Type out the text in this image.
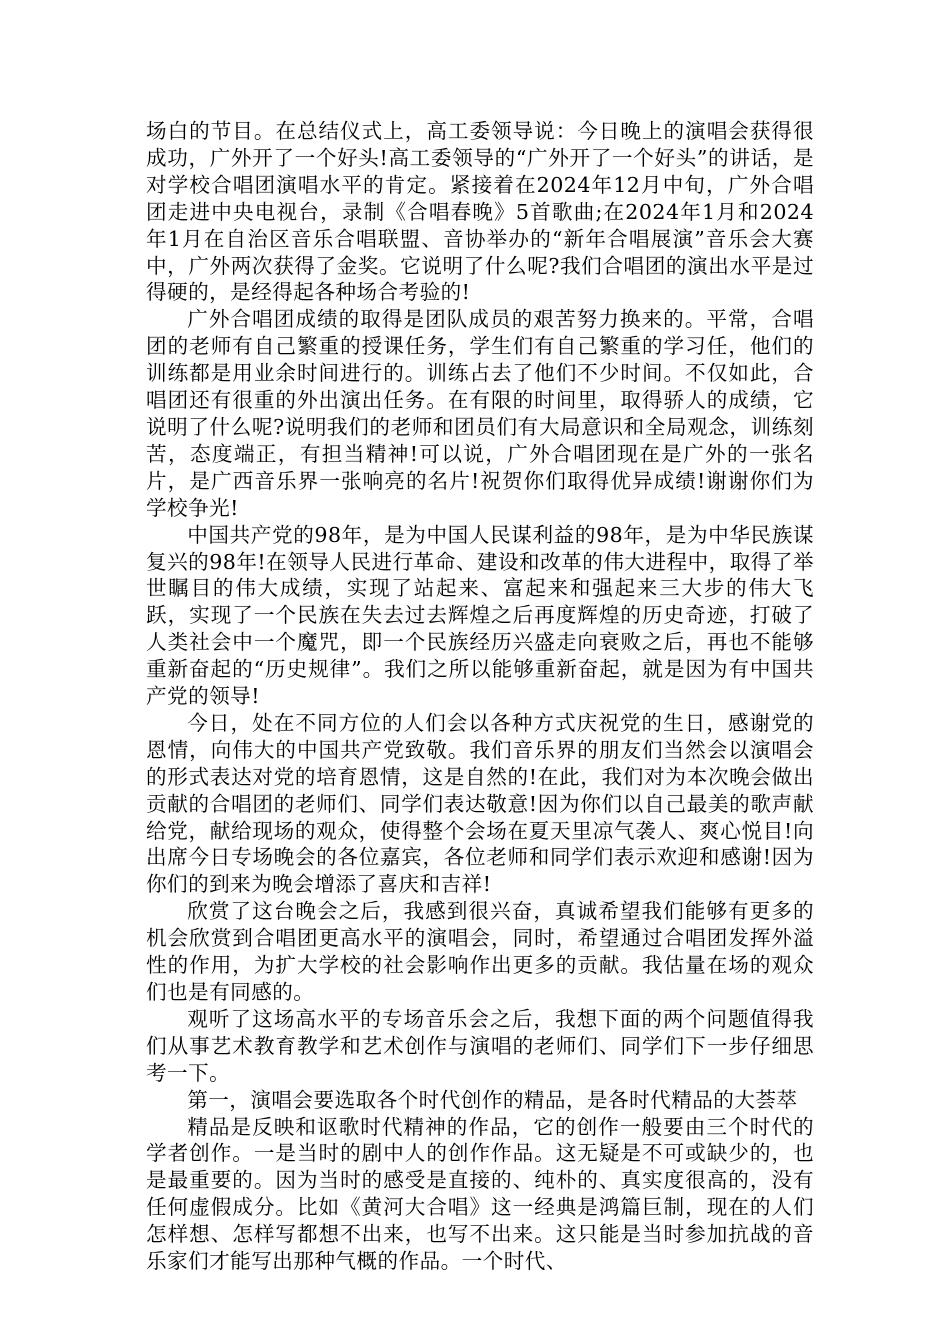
场白的节目。在总结仪式上，高工委领导说：今日晚上的演唱会获得很成功，广外开了一个好头!高工委领导的“广外开了一个好头”的讲话，是对学校合唱团演唱水平的肯定。紧接着在2024年12月中旬，广外合唱团走进中央电视台，录制《合唱春晚》5首歌曲;在2024年1月和2024年1月在自治区音乐合唱联盟、音协举办的“新年合唱展演”音乐会大赛中，广外两次获得了金奖。它说明了什么呢?我们合唱团的演出水平是过得硬的，是经得起各种场合考验的!

广外合唱团成绩的取得是团队成员的艰苦努力换来的。平常，合唱团的老师有自己繁重的授课任务，学生们有自己繁重的学习任，他们的训练都是用业余时间进行的。训练占去了他们不少时间。不仅如此，合唱团还有很重的外出演出任务。在有限的时间里，取得骄人的成绩，它说明了什么呢?说明我们的老师和团员们有大局意识和全局观念，训练刻苦，态度端正，有担当精神!可以说，广外合唱团现在是广外的一张名片，是广西音乐界一张响亮的名片!祝贺你们取得优异成绩!谢谢你们为学校争光!

中国共产党的98年，是为中国人民谋利益的98年，是为中华民族谋复兴的98年!在领导人民进行革命、建设和改革的伟大进程中，取得了举世瞩目的伟大成绩，实现了站起来、富起来和强起来三大步的伟大飞跃，实现了一个民族在失去过去辉煌之后再度辉煌的历史奇迹，打破了人类社会中一个魔咒，即一个民族经历兴盛走向衰败之后，再也不能够重新奋起的“历史规律”。我们之所以能够重新奋起，就是因为有中国共产党的领导!

今日，处在不同方位的人们会以各种方式庆祝党的生日，感谢党的恩情，向伟大的中国共产党致敬。我们音乐界的朋友们当然会以演唱会的形式表达对党的培育恩情，这是自然的!在此，我们对为本次晚会做出贡献的合唱团的老师们、同学们表达敬意!因为你们以自己最美的歌声献给党，献给现场的观众，使得整个会场在夏天里凉气袭人、爽心悦目!向出席今日专场晚会的各位嘉宾，各位老师和同学们表示欢迎和感谢!因为你们的到来为晚会增添了喜庆和吉祥!

欣赏了这台晚会之后，我感到很兴奋，真诚希望我们能够有更多的机会欣赏到合唱团更高水平的演唱会，同时，希望通过合唱团发挥外溢性的作用，为扩大学校的社会影响作出更多的贡献。我估量在场的观众们也是有同感的。

观听了这场高水平的专场音乐会之后，我想下面的两个问题值得我们从事艺术教育教学和艺术创作与演唱的老师们、同学们下一步仔细思考一下。

第一，演唱会要选取各个时代创作的精品，是各时代精品的大荟萃

精品是反映和讴歌时代精神的作品，它的创作一般要由三个时代的学者创作。一是当时的剧中人的创作作品。这无疑是不可或缺少的，也是最重要的。因为当时的感受是直接的、纯朴的、真实度很高的，没有任何虚假成分。比如《黄河大合唱》这一经典是鸿篇巨制，现在的人们怎样想、怎样写都想不出来，也写不出来。这只能是当时参加抗战的音乐家们才能写出那种气概的作品。一个时代、
